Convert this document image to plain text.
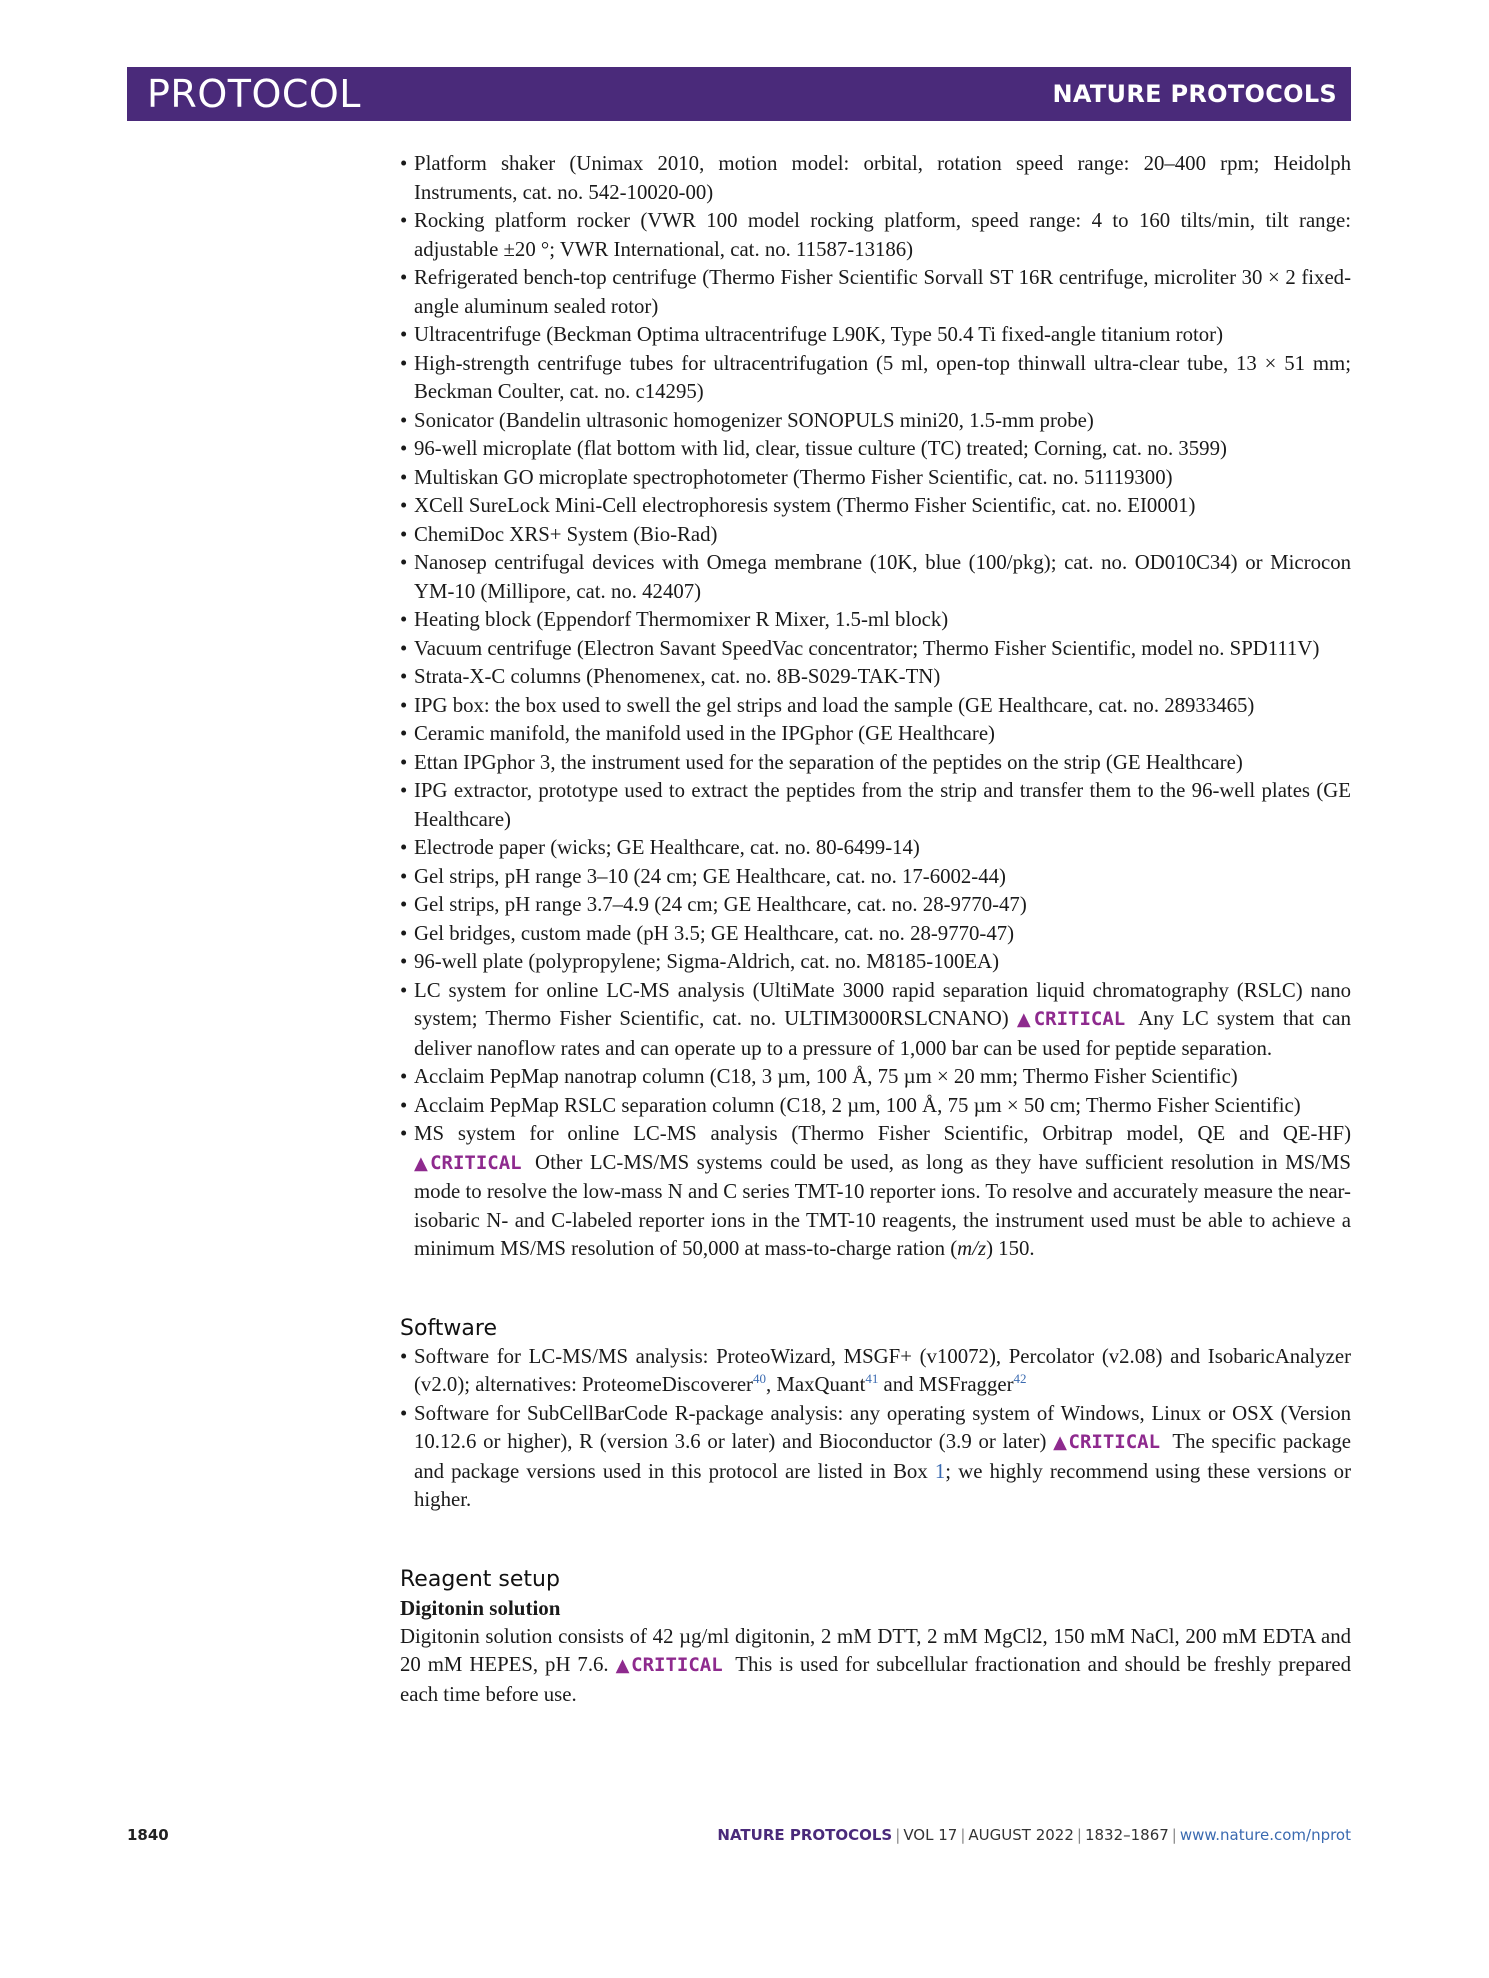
PROTOCOL	NATURE PROTOCOLS
• Platform shaker (Unimax 2010, motion model: orbital, rotation speed range: 20–400 rpm; Heidolph Instruments, cat. no. 542-10020-00)
• Rocking platform rocker (VWR 100 model rocking platform, speed range: 4 to 160 tilts/min, tilt range: adjustable ±20 °; VWR International, cat. no. 11587-13186)
• Refrigerated bench-top centrifuge (Thermo Fisher Scientific Sorvall ST 16R centrifuge, microliter 30 × 2 fixed-angle aluminum sealed rotor)
• Ultracentrifuge (Beckman Optima ultracentrifuge L90K, Type 50.4 Ti fixed-angle titanium rotor)
• High-strength centrifuge tubes for ultracentrifugation (5 ml, open-top thinwall ultra-clear tube, 13 × 51 mm; Beckman Coulter, cat. no. c14295)
• Sonicator (Bandelin ultrasonic homogenizer SONOPULS mini20, 1.5-mm probe)
• 96-well microplate (flat bottom with lid, clear, tissue culture (TC) treated; Corning, cat. no. 3599)
• Multiskan GO microplate spectrophotometer (Thermo Fisher Scientific, cat. no. 51119300)
• XCell SureLock Mini-Cell electrophoresis system (Thermo Fisher Scientific, cat. no. EI0001)
• ChemiDoc XRS+ System (Bio-Rad)
• Nanosep centrifugal devices with Omega membrane (10K, blue (100/pkg); cat. no. OD010C34) or Microcon YM-10 (Millipore, cat. no. 42407)
• Heating block (Eppendorf Thermomixer R Mixer, 1.5-ml block)
• Vacuum centrifuge (Electron Savant SpeedVac concentrator; Thermo Fisher Scientific, model no. SPD111V)
• Strata-X-C columns (Phenomenex, cat. no. 8B-S029-TAK-TN)
• IPG box: the box used to swell the gel strips and load the sample (GE Healthcare, cat. no. 28933465)
• Ceramic manifold, the manifold used in the IPGphor (GE Healthcare)
• Ettan IPGphor 3, the instrument used for the separation of the peptides on the strip (GE Healthcare)
• IPG extractor, prototype used to extract the peptides from the strip and transfer them to the 96-well plates (GE Healthcare)
• Electrode paper (wicks; GE Healthcare, cat. no. 80-6499-14)
• Gel strips, pH range 3–10 (24 cm; GE Healthcare, cat. no. 17-6002-44)
• Gel strips, pH range 3.7–4.9 (24 cm; GE Healthcare, cat. no. 28-9770-47)
• Gel bridges, custom made (pH 3.5; GE Healthcare, cat. no. 28-9770-47)
• 96-well plate (polypropylene; Sigma-Aldrich, cat. no. M8185-100EA)
• LC system for online LC-MS analysis (UltiMate 3000 rapid separation liquid chromatography (RSLC) nano system; Thermo Fisher Scientific, cat. no. ULTIM3000RSLCNANO) ▲CRITICAL Any LC system that can deliver nanoflow rates and can operate up to a pressure of 1,000 bar can be used for peptide separation.
• Acclaim PepMap nanotrap column (C18, 3 µm, 100 Å, 75 µm × 20 mm; Thermo Fisher Scientific)
• Acclaim PepMap RSLC separation column (C18, 2 µm, 100 Å, 75 µm × 50 cm; Thermo Fisher Scientific)
• MS system for online LC-MS analysis (Thermo Fisher Scientific, Orbitrap model, QE and QE-HF) ▲CRITICAL Other LC-MS/MS systems could be used, as long as they have sufficient resolution in MS/MS mode to resolve the low-mass N and C series TMT-10 reporter ions. To resolve and accurately measure the near-isobaric N- and C-labeled reporter ions in the TMT-10 reagents, the instrument used must be able to achieve a minimum MS/MS resolution of 50,000 at mass-to-charge ration (m/z) 150.
Software
• Software for LC-MS/MS analysis: ProteoWizard, MSGF+ (v10072), Percolator (v2.08) and IsobaricAnalyzer (v2.0); alternatives: ProteomeDiscoverer$^{40}$, MaxQuant$^{41}$ and MSFragger$^{42}$
• Software for SubCellBarCode R-package analysis: any operating system of Windows, Linux or OSX (Version 10.12.6 or higher), R (version 3.6 or later) and Bioconductor (3.9 or later) ▲CRITICAL The specific package and package versions used in this protocol are listed in Box 1; we highly recommend using these versions or higher.
Reagent setup
Digitonin solution

Digitonin solution consists of 42 µg/ml digitonin, 2 mM DTT, 2 mM MgCl2, 150 mM NaCl, 200 mM EDTA and 20 mM HEPES, pH 7.6. ▲CRITICAL This is used for subcellular fractionation and should be freshly prepared each time before use.

1840	NATURE PROTOCOLS | VOL 17 | AUGUST 2022 | 1832–1867 | www.nature.com/nprot
